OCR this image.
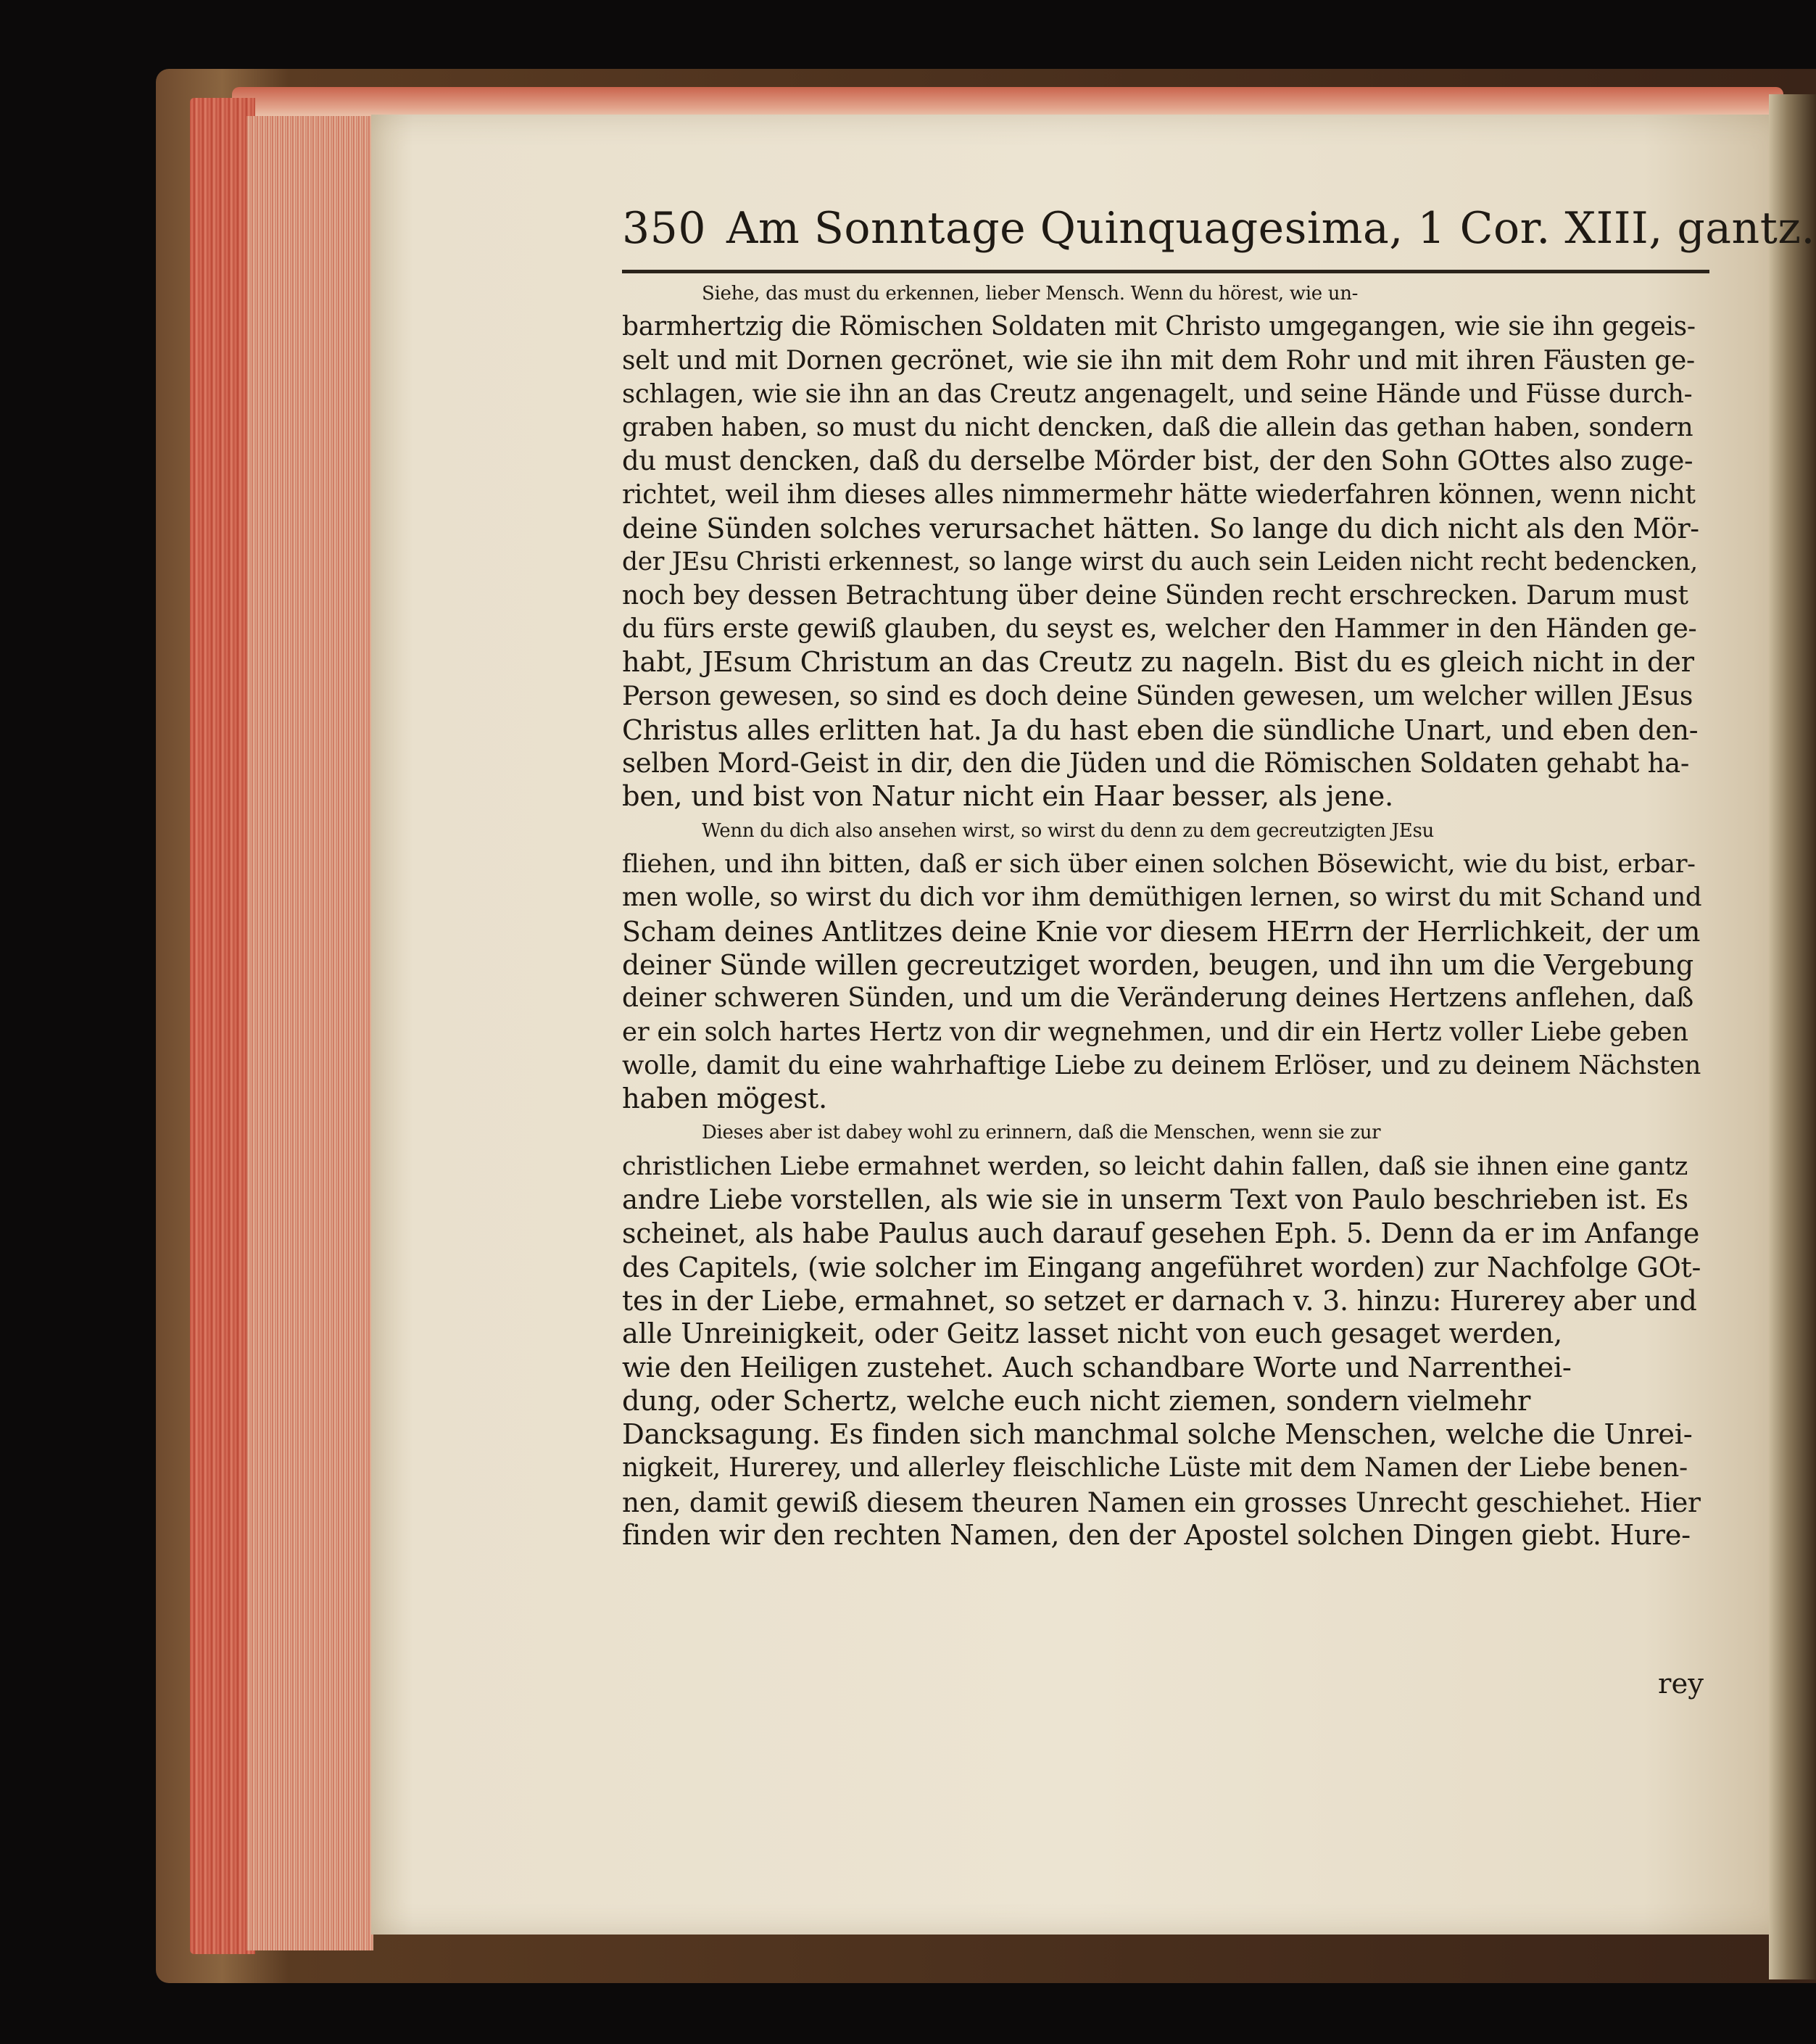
350 Am Sonntage Quinquagesima, 1 Cor. XIII, gantz.
Siehe, das must du erkennen, lieber Mensch. Wenn du hörest, wie un-
barmhertzig die Römischen Soldaten mit Christo umgegangen, wie sie ihn gegeis-
selt und mit Dornen gecrönet, wie sie ihn mit dem Rohr und mit ihren Fäusten ge-
schlagen, wie sie ihn an das Creutz angenagelt, und seine Hände und Füsse durch-
graben haben, so must du nicht dencken, daß die allein das gethan haben, sondern
du must dencken, daß du derselbe Mörder bist, der den Sohn GOttes also zuge-
richtet, weil ihm dieses alles nimmermehr hätte wiederfahren können, wenn nicht
deine Sünden solches verursachet hätten. So lange du dich nicht als den Mör-
der JEsu Christi erkennest, so lange wirst du auch sein Leiden nicht recht bedencken,
noch bey dessen Betrachtung über deine Sünden recht erschrecken. Darum must
du fürs erste gewiß glauben, du seyst es, welcher den Hammer in den Händen ge-
habt, JEsum Christum an das Creutz zu nageln. Bist du es gleich nicht in der
Person gewesen, so sind es doch deine Sünden gewesen, um welcher willen JEsus
Christus alles erlitten hat. Ja du hast eben die sündliche Unart, und eben den-
selben Mord-Geist in dir, den die Jüden und die Römischen Soldaten gehabt ha-
ben, und bist von Natur nicht ein Haar besser, als jene.
Wenn du dich also ansehen wirst, so wirst du denn zu dem gecreutzigten JEsu
fliehen, und ihn bitten, daß er sich über einen solchen Bösewicht, wie du bist, erbar-
men wolle, so wirst du dich vor ihm demüthigen lernen, so wirst du mit Schand und
Scham deines Antlitzes deine Knie vor diesem HErrn der Herrlichkeit, der um
deiner Sünde willen gecreutziget worden, beugen, und ihn um die Vergebung
deiner schweren Sünden, und um die Veränderung deines Hertzens anflehen, daß
er ein solch hartes Hertz von dir wegnehmen, und dir ein Hertz voller Liebe geben
wolle, damit du eine wahrhaftige Liebe zu deinem Erlöser, und zu deinem Nächsten
haben mögest.
Dieses aber ist dabey wohl zu erinnern, daß die Menschen, wenn sie zur
christlichen Liebe ermahnet werden, so leicht dahin fallen, daß sie ihnen eine gantz
andre Liebe vorstellen, als wie sie in unserm Text von Paulo beschrieben ist. Es
scheinet, als habe Paulus auch darauf gesehen Eph. 5. Denn da er im Anfange
des Capitels, (wie solcher im Eingang angeführet worden) zur Nachfolge GOt-
tes in der Liebe, ermahnet, so setzet er darnach v. 3. hinzu: Hurerey aber und
alle Unreinigkeit, oder Geitz lasset nicht von euch gesaget werden,
wie den Heiligen zustehet. Auch schandbare Worte und Narrenthei-
dung, oder Schertz, welche euch nicht ziemen, sondern vielmehr
Dancksagung. Es finden sich manchmal solche Menschen, welche die Unrei-
nigkeit, Hurerey, und allerley fleischliche Lüste mit dem Namen der Liebe benen-
nen, damit gewiß diesem theuren Namen ein grosses Unrecht geschiehet. Hier
finden wir den rechten Namen, den der Apostel solchen Dingen giebt. Hure-
rey
